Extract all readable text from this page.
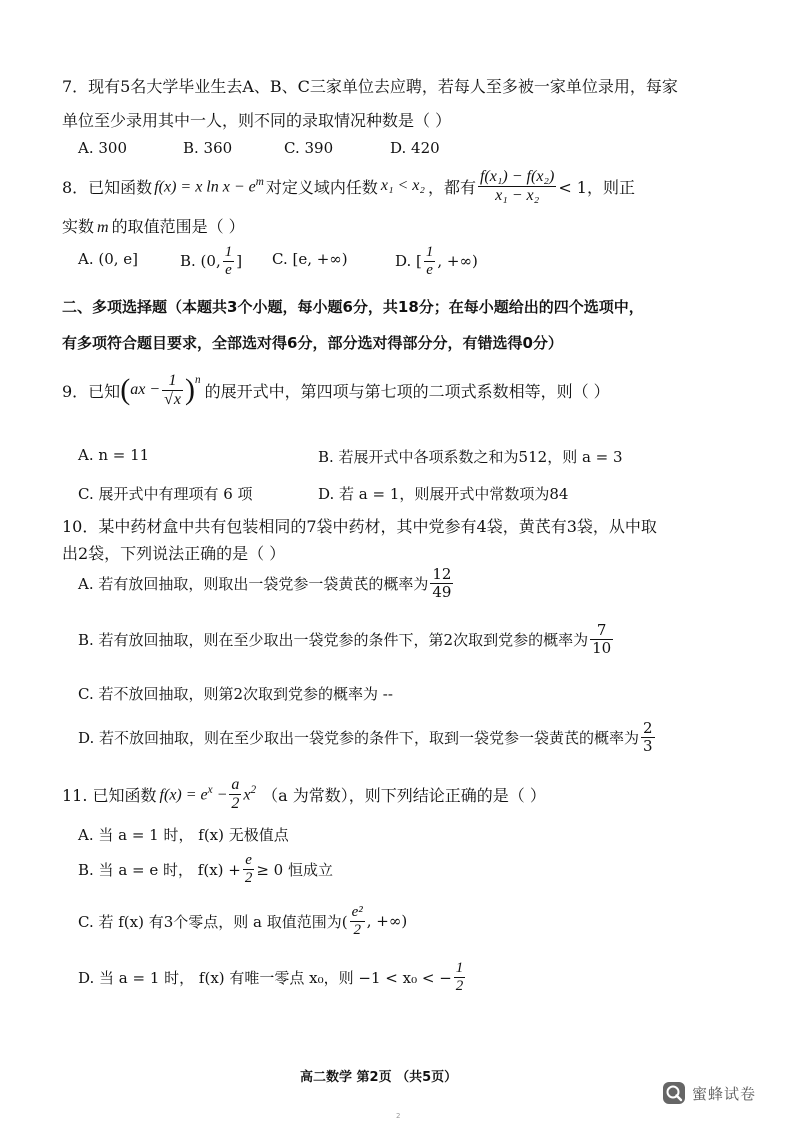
7．现有5名大学毕业生去A、B、C三家单位去应聘，若每人至多被一家单位录用，每家
单位至少录用其中一人，则不同的录取情况种数是（ ）
A. 300	B. 360	C. 390	D. 420
8．已知函数 f(x) = x $\ln x - e^m$ 对定义域内任数 x₁ < x₂ ，都有 $\frac{\text{f(x₁) − f(x₂)}}{\text{x₁ − x₂}} < 1$，则正
实数 m 的取值范围是（ ）
A. (0, e]	B. (0, $\frac{1}{e}$ ] C. [e, +∞)	D. [ $\frac{1}{e}$ , +∞)
二、多项选择题（本题共3个小题，每小题6分，共18分；在每小题给出的四个选项中，
有多项符合题目要求，全部选对得6分，部分选对得部分分，有错选得0分）
9．已知 ( ax − $\frac{1}{√x} )^n$
的展开式中，第四项与第七项的二项式系数相等，则（ ）
A. n = 11	B. 若展开式中各项系数之和为512，则 a = 3
C. 展开式中有理项有 6 项	D. 若 a = 1，则展开式中常数项为84
10．某中药材盒中共有包装相同的7袋中药材，其中党参有4袋，黄芪有3袋，从中取
出2袋，下列说法正确的是（ ）
A. 若有放回抽取，则取出一袋党参一袋黄芪的概率为 $\frac{12}{49}$
B. 若有放回抽取，则在至少取出一袋党参的条件下，第2次取到党参的概率为 $\frac{7}{10}$
C. 若不放回抽取，则第2次取到党参的概率为 --
D. 若不放回抽取，则在至少取出一袋党参的条件下，取到一袋党参一袋黄芪的概率为 $\frac{2}{3}$
11. 已知函数 $f(x) = e^x - \frac{a}{2} x^2$ （a 为常数），则下列结论正确的是（ ）
A. 当 a = 1 时， f(x) 无极值点
B. 当 a = e 时， $f(x) + \frac{e}{2} \ge 0$ 恒成立
C. 若 f(x) 有3个零点，则 a 取值范围为( $\frac{\text{e²}}{2}$ , +∞)
D. 当 a = 1 时， f(x) 有唯一零点 x₀，则 −1 < x₀ < − $\frac{1}{2}$
高二数学 第2页 （共5页）
蜜蜂试卷
2
